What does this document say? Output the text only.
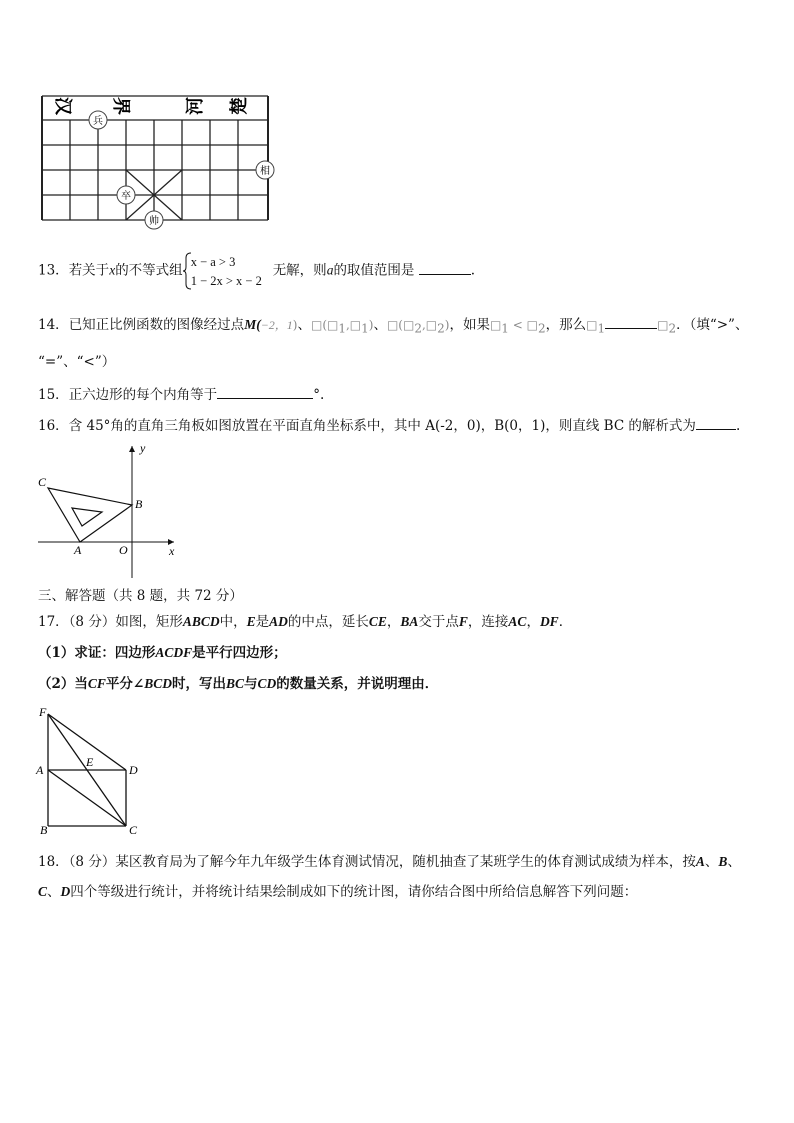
汉 界	河 楚
兵
相
卒
帅
13．若关于x的不等式组
x − a > 3
1 − 2x > x − 2
无解，则a的取值范围是	.
14．已知正比例函数的图像经过点M(−2，1)、$□(□_1,□_1)$、$□(□_2,□_2)$，如果$□_1$ < $□_2$，那么$□_1$	$□_2$．（填“>”、
“=”、“<”）
15．正六边形的每个内角等于	°.
16．含 45°角的直角三角板如图放置在平面直角坐标系中，其中 A(-2，0)，B(0，1)，则直线 BC 的解析式为	.
y
x
C
B
A	O
三、解答题（共 8 题，共 72 分）
17．（8 分）如图，矩形ABCD中，E是AD的中点，延长CE，BA交于点F，连接AC，DF．
（1）求证：四边形ACDF是平行四边形；
（2）当CF平分∠BCD时，写出BC与CD的数量关系，并说明理由．
F
A
E
D
B	C
18．（8 分）某区教育局为了解今年九年级学生体育测试情况，随机抽查了某班学生的体育测试成绩为样本，按A、B、
C、D四个等级进行统计，并将统计结果绘制成如下的统计图，请你结合图中所给信息解答下列问题：
